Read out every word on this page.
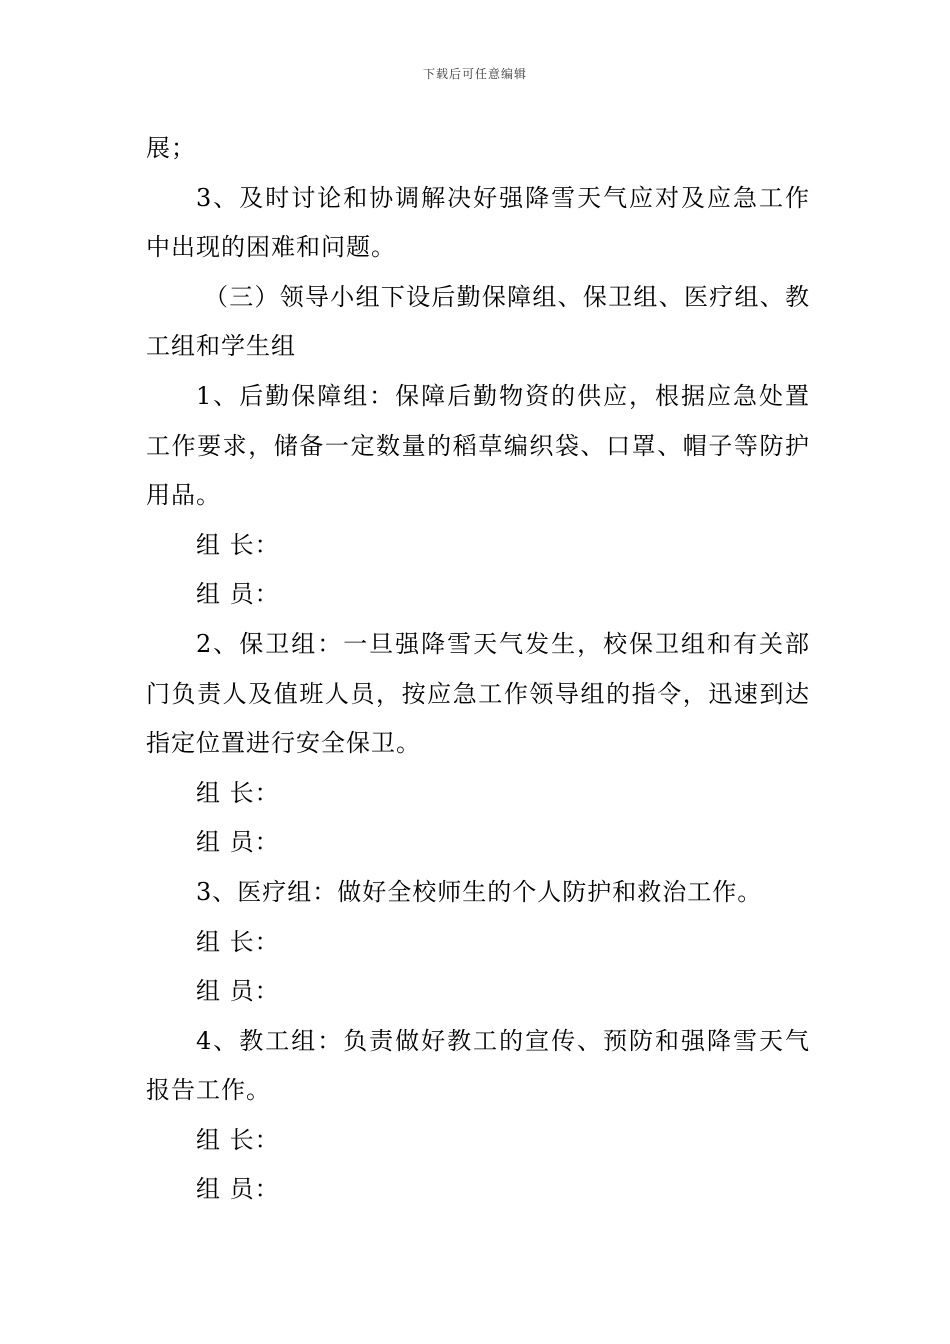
下载后可任意编辑

展；

3、及时讨论和协调解决好强降雪天气应对及应急工作中出现的困难和问题。

（三）领导小组下设后勤保障组、保卫组、医疗组、教工组和学生组

1、后勤保障组：保障后勤物资的供应，根据应急处置工作要求，储备一定数量的稻草编织袋、口罩、帽子等防护用品。

组 长：

组 员：

2、保卫组：一旦强降雪天气发生，校保卫组和有关部门负责人及值班人员，按应急工作领导组的指令，迅速到达指定位置进行安全保卫。

组 长：

组 员：

3、医疗组：做好全校师生的个人防护和救治工作。

组 长：

组 员：

4、教工组：负责做好教工的宣传、预防和强降雪天气报告工作。

组 长：

组 员：
